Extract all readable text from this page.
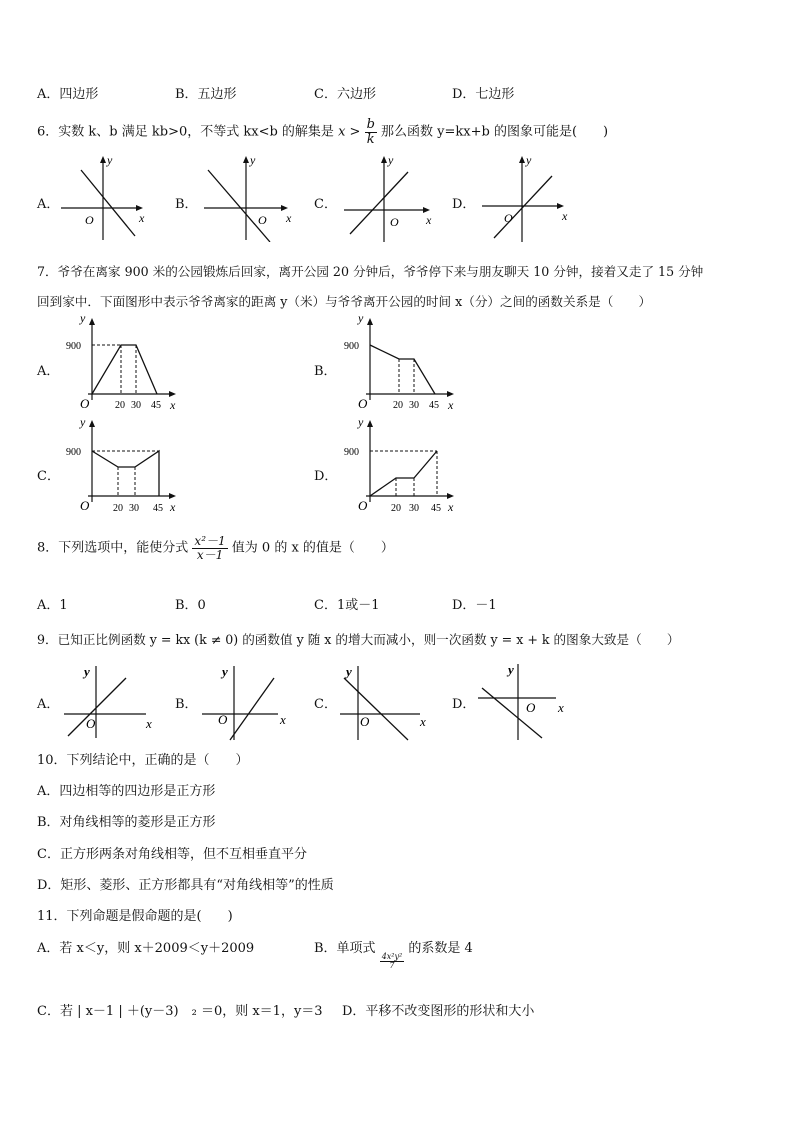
A．四边形	B．五边形	C．六边形	D．七边形
6．实数 k、b 满足 kb>0，不等式 kx<b 的解集是 $x > \frac{b}{k}$ 那么函数 y=kx+b 的图象可能是(　　)
A．	B．	C．	D．
y
x
O
y
x
O
y
x
O
y
x
O
7．爷爷在离家 900 米的公园锻炼后回家，离开公园 20 分钟后，爷爷停下来与朋友聊天 10 分钟，接着又走了 15 分钟
回到家中．下面图形中表示爷爷离家的距离 y（米）与爷爷离开公园的时间 x（分）之间的函数关系是（　　）
A．	B．
C．	D．
y
900
O	20 30 45 x
y
900
O	20 30 45 x
y
900
O 20 30 45 x
y
900
O 20 30 45 x
8．下列选项中，能使分式 $\frac{\text{x²－1}}{x-1}$ 值为 0 的 x 的值是（　　）
A．1	B．0	C．1或－1	D．－1
9．已知正比例函数 y = kx (k ≠ 0) 的函数值 y 随 x 的增大而减小，则一次函数 y = x + k 的图象大致是（　　）
A．	B．	C．	D．
y
x
O
y
x
O
y
x
O
y
x
O
10．下列结论中，正确的是（　　）
A．四边相等的四边形是正方形
B．对角线相等的菱形是正方形
C．正方形两条对角线相等，但不互相垂直平分
D．矩形、菱形、正方形都具有“对角线相等”的性质
11．下列命题是假命题的是(　　)
A．若 x＜y，则 x＋2009＜y＋2009	B．单项式
$\frac{\text{4x²y²}}{7}$
的系数是 4
C．若 | x－1 | ＋(y－3)　₂ ＝0，则 x＝1，y＝3 D．平移不改变图形的形状和大小
